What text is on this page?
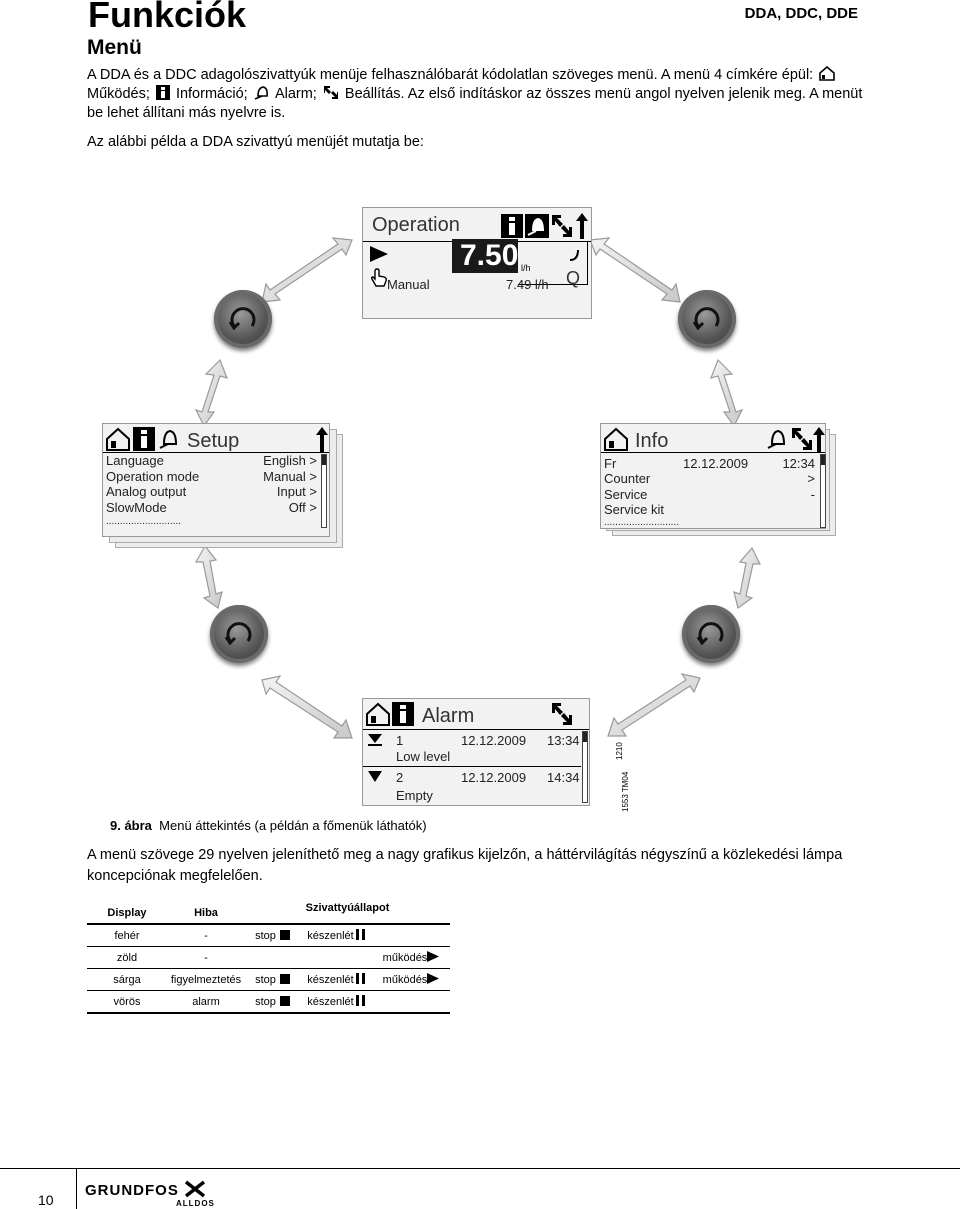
Funkciók
Menü
DDA, DDC, DDE
A DDA és a DDC adagolószivattyúk menüje felhasználóbarát kódolatlan szöveges menü. A menü 4 címkére épül:
Működés; Információ; Alarm; Beállítás. Az első indításkor az összes menü angol nyelven jelenik meg. A menüt be lehet állítani más nyelvre is.
Az alábbi példa a DDA szivattyú menüjét mutatja be:
Operation
7.50 l/h
Manual	7.49 l/h Q
Setup
Language	English >
Operation mode	Manual >
Analog output	Input >
SlowMode	Off >
...........................
Info
Fr	12.12.2009	12:34
Counter	>
Service	-
Service kit
...........................
Alarm
1	12.12.2009 13:34
Low level
2	12.12.2009 14:34
Empty
1210
1553 TM04
9. ábra Menü áttekintés (a példán a főmenük láthatók)
A menü szövege 29 nyelven jeleníthető meg a nagy grafikus kijelzőn, a háttérvilágítás négyszínű a közlekedési lámpa koncepciónak megfelelően.
Display	Hiba	Szivattyúállapot		
fehér	-	stop	készenlét	
zöld	-			működés
sárga	figyelmeztetés	stop	készenlét	működés
vörös	alarm	stop	készenlét	
10
GRUNDFOS
ALLDOS
